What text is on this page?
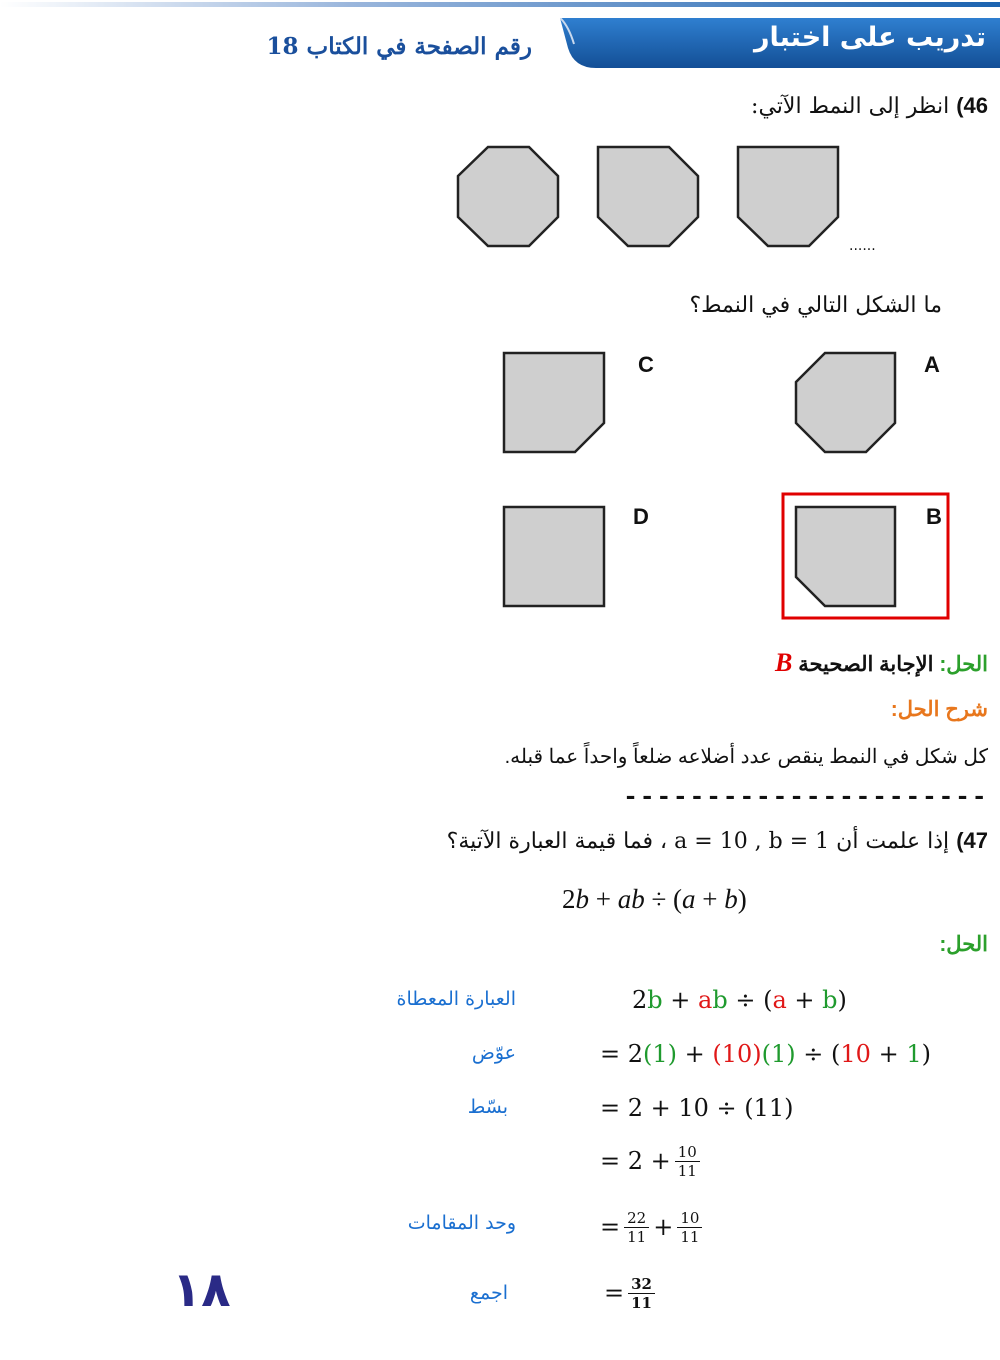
تدريب على اختبار
رقم الصفحة في الكتاب 18
46) انظر إلى النمط الآتي:
......
A
C
B
D
ما الشكل التالي في النمط؟
الحل: الإجابة الصحيحة B
شرح الحل:
كل شكل في النمط ينقص عدد أضلاعه ضلعاً واحداً عما قبله.
----------------------
47) إذا علمت أن a = 10 , b = 1 ، فما قيمة العبارة الآتية؟
2b + ab ÷ (a + b)
الحل:
العبارة المعطاة
عوّض
بسّط
وحد المقامات
اجمع
2 b + a b ÷ ( a + b )
= 2 (1) + (10) (1) ÷ ( 10 + 1 )
= 2 + 10 ÷ (11)
= $2 + \frac{10}{11}$
= $\frac{22}{11} + \frac{10}{11}$
= $\frac{32}{11}$
١٨
